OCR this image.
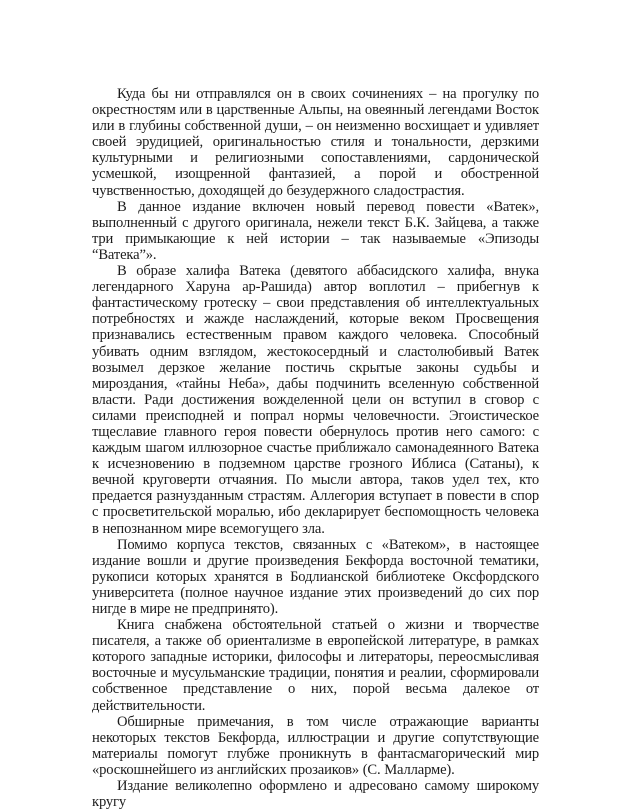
Куда бы ни отправлялся он в своих сочинениях – на прогулку по окрестностям или в царственные Альпы, на овеянный легендами Восток или в глубины собственной души, – он неизменно восхищает и удивляет своей эрудицией, оригинальностью стиля и тональности, дерзкими культурными и религиозными сопоставлениями, сардонической усмешкой, изощренной фантазией, а порой и обостренной чувственностью, доходящей до безудержного сладострастия.

В данное издание включен новый перевод повести «Ватек», выполненный с другого оригинала, нежели текст Б.К. Зайцева, а также три примыкающие к ней истории – так называемые «Эпизоды “Ватека”».

В образе халифа Ватека (девятого аббасидского халифа, внука легендарного Харуна ар-Рашида) автор воплотил – прибегнув к фантастическому гротеску – свои представления об интеллектуальных потребностях и жажде наслаждений, которые веком Просвещения признавались естественным правом каждого человека. Способный убивать одним взглядом, жестокосердный и сластолюбивый Ватек возымел дерзкое желание постичь скрытые законы судьбы и мироздания, «тайны Неба», дабы подчинить вселенную собственной власти. Ради достижения вожделенной цели он вступил в сговор с силами преисподней и попрал нормы человечности. Эгоистическое тщеславие главного героя повести обернулось против него самого: с каждым шагом иллюзорное счастье приближало самонадеянного Ватека к исчезновению в подземном царстве грозного Иблиса (Сатаны), к вечной круговерти отчаяния. По мысли автора, таков удел тех, кто предается разнузданным страстям. Аллегория вступает в повести в спор с просветительской моралью, ибо декларирует беспомощность человека в непознанном мире всемогущего зла.

Помимо корпуса текстов, связанных с «Ватеком», в настоящее издание вошли и другие произведения Бекфорда восточной тематики, рукописи которых хранятся в Бодлианской библиотеке Оксфордского университета (полное научное издание этих произведений до сих пор нигде в мире не предпринято).

Книга снабжена обстоятельной статьей о жизни и творчестве писателя, а также об ориентализме в европейской литературе, в рамках которого западные историки, философы и литераторы, переосмысливая восточные и мусульманские традиции, понятия и реалии, сформировали собственное представление о них, порой весьма далекое от действительности.

Обширные примечания, в том числе отражающие варианты некоторых текстов Бекфорда, иллюстрации и другие сопутствующие материалы помогут глубже проникнуть в фантасмагорический мир «роскошнейшего из английских прозаиков» (С. Малларме).

Издание великолепно оформлено и адресовано самому широкому кругу
